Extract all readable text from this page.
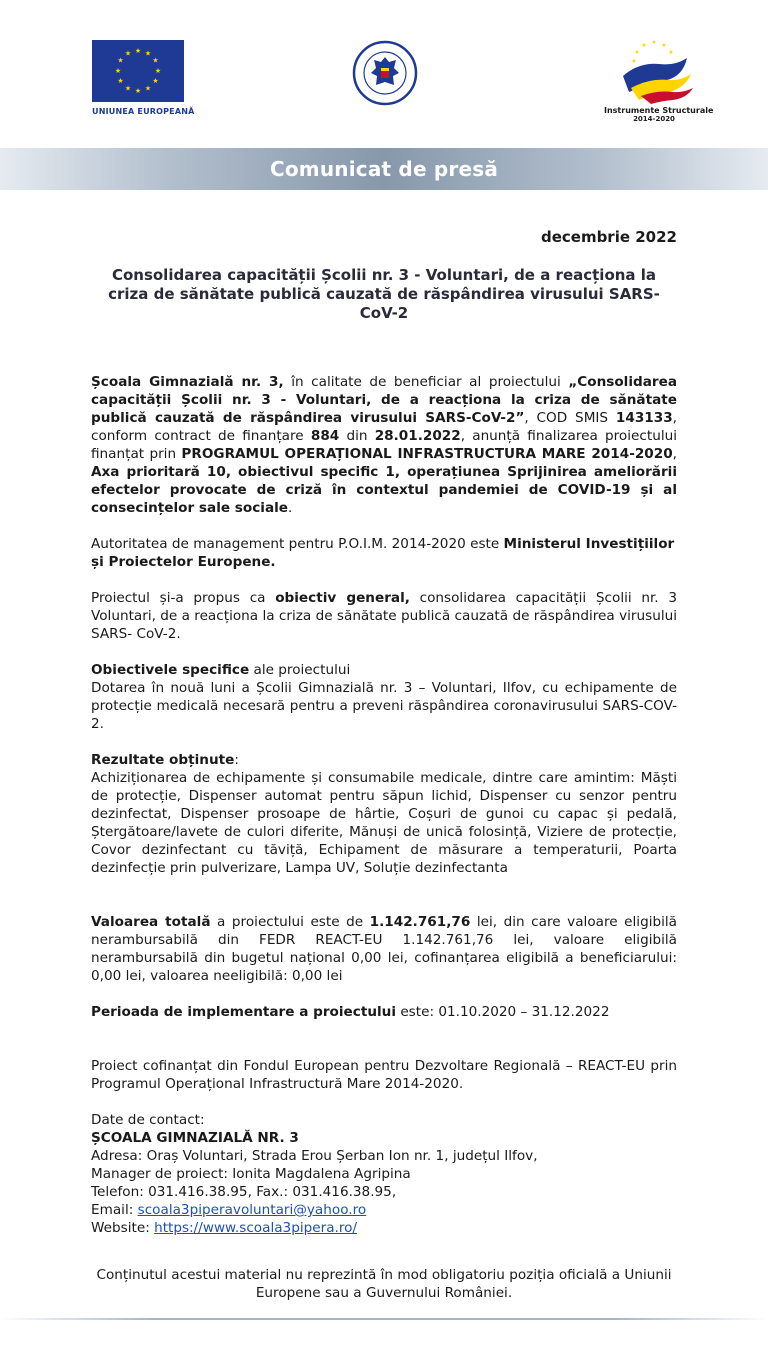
★ ★
★
★
★
★
★
★
★
★
★
★
UNIUNEA EUROPEANĂ
★ ★
★
★
★
★
Instrumente Structurale
2014-2020
Comunicat de presă
decembrie 2022
Consolidarea capacității Școlii nr. 3 - Voluntari, de a reacționa la criza de sănătate publică cauzată de răspândirea virusului SARS-CoV-2

Școala Gimnazială nr. 3, în calitate de beneficiar al proiectului „Consolidarea capacității Școlii nr. 3 - Voluntari, de a reacționa la criza de sănătate publică cauzată de răspândirea virusului SARS-CoV-2”, COD SMIS 143133, conform contract de finanțare 884 din 28.01.2022, anunță finalizarea proiectului finanțat prin PROGRAMUL OPERAȚIONAL INFRASTRUCTURA MARE 2014-2020, Axa prioritară 10, obiectivul specific 1, operațiunea Sprijinirea ameliorării efectelor provocate de criză în contextul pandemiei de COVID-19 și al consecințelor sale sociale.

Autoritatea de management pentru P.O.I.M. 2014-2020 este Ministerul Investițiilor și Proiectelor Europene.

Proiectul și-a propus ca obiectiv general, consolidarea capacității Școlii nr. 3 Voluntari, de a reacționa la criza de sănătate publică cauzată de răspândirea virusului SARS- CoV-2.

Obiectivele specifice ale proiectului
Dotarea în nouă luni a Școlii Gimnazială nr. 3 – Voluntari, Ilfov, cu echipamente de protecție medicală necesară pentru a preveni răspândirea coronavirusului SARS-COV-2.

Rezultate obținute:
Achiziționarea de echipamente și consumabile medicale, dintre care amintim: Măști de protecție, Dispenser automat pentru săpun lichid, Dispenser cu senzor pentru dezinfectat, Dispenser prosoape de hârtie, Coșuri de gunoi cu capac și pedală, Ștergătoare/lavete de culori diferite, Mănuși de unică folosință, Viziere de protecție, Covor dezinfectant cu tăviță, Echipament de măsurare a temperaturii, Poarta dezinfecție prin pulverizare, Lampa UV, Soluție dezinfectanta

Valoarea totală a proiectului este de 1.142.761,76 lei, din care valoare eligibilă nerambursabilă din FEDR REACT-EU 1.142.761,76 lei, valoare eligibilă nerambursabilă din bugetul național 0,00 lei, cofinanțarea eligibilă a beneficiarului: 0,00 lei, valoarea neeligibilă: 0,00 lei

Perioada de implementare a proiectului este: 01.10.2020 – 31.12.2022

Proiect cofinanțat din Fondul European pentru Dezvoltare Regională – REACT-EU prin Programul Operațional Infrastructură Mare 2014-2020.

Date de contact:

ȘCOALA GIMNAZIALĂ NR. 3

Adresa: Oraș Voluntari, Strada Erou Șerban Ion nr. 1, județul Ilfov,

Manager de proiect: Ionita Magdalena Agripina

Telefon: 031.416.38.95, Fax.: 031.416.38.95,

Email: scoala3piperavoluntari@yahoo.ro

Website: https://www.scoala3pipera.ro/

Conținutul acestui material nu reprezintă în mod obligatoriu poziția oficială a Uniunii Europene sau a Guvernului României.
